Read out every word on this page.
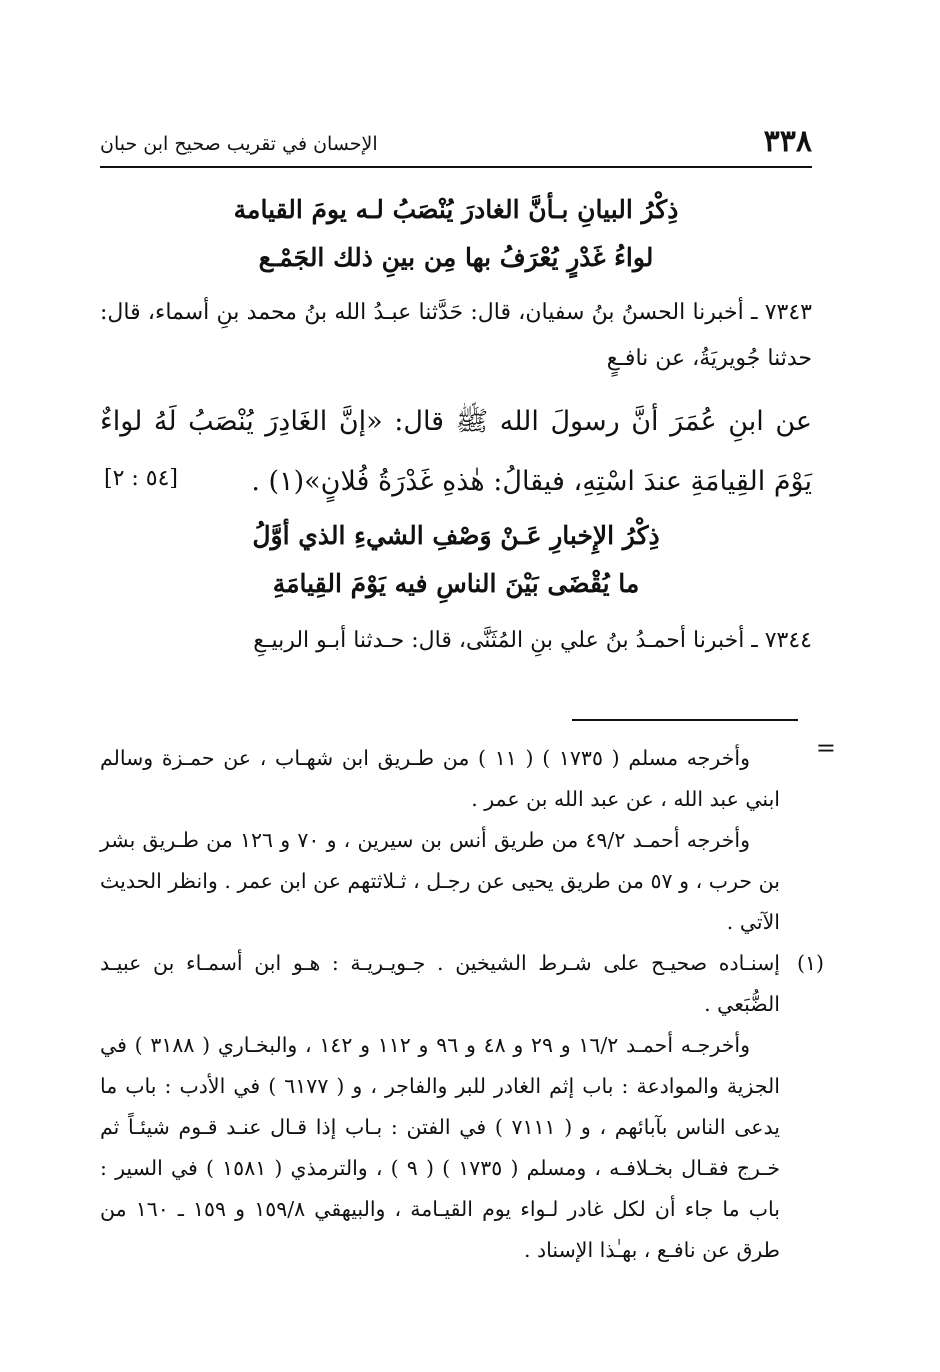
٣٣٨
الإحسان في تقريب صحيح ابن حبان
ذِكْرُ البيانِ بـأنَّ الغادرَ يُنْصَبُ لـه يومَ القيامة
لواءُ غَدْرٍ يُعْرَفُ بها مِن بينِ ذلك الجَمْـع
٧٣٤٣ ـ أخبرنا الحسنُ بنُ سفيان، قال: حَدَّثنا عبـدُ الله بنُ محمد بنِ أسماء، قال: حدثنا جُويريَةُ، عن نافـعٍ
عن ابنِ عُمَرَ أنَّ رسولَ الله ﷺ قال: «إنَّ الغَادِرَ يُنْصَبُ لَهُ لواءٌ يَوْمَ القِيامَةِ عندَ اسْتِهِ، فيقالُ: هٰذهِ غَدْرَةُ فُلانٍ»(١) .
[٢ : ٥٤]
ذِكْرُ الإِخبارِ عَـنْ وَصْفِ الشيءِ الذي أوَّلُ
ما يُقْضَى بَيْنَ الناسِ فيه يَوْمَ القِيامَةِ
٧٣٤٤ ـ أخبرنا أحمـدُ بنُ علي بنِ المُثَنَّى، قال: حـدثنا أبـو الربيـعِ
=

وأخرجه مسلم ( ١٧٣٥ ) ( ١١ ) من طـريق ابن شهـاب ، عن حمـزة وسالم ابني عبد الله ، عن عبد الله بن عمر .

وأخرجه أحمـد ٤٩/٢ من طريق أنس بن سيرين ، و ٧٠ و ١٢٦ من طـريق بشر بن حرب ، و ٥٧ من طريق يحيى عن رجـل ، ثـلاثتهم عن ابن عمر . وانظر الحديث الآتي .

(١)
إسنـاده صحيـح على شـرط الشيخين . جـويـريـة : هـو ابن أسمـاء بن عبيـد الضُّبَعي .

وأخرجـه أحمـد ١٦/٢ و ٢٩ و ٤٨ و ٩٦ و ١١٢ و ١٤٢ ، والبخـاري ( ٣١٨٨ ) في الجزية والموادعة : باب إثم الغادر للبر والفاجر ، و ( ٦١٧٧ ) في الأدب : باب ما يدعى الناس بآبائهم ، و ( ٧١١١ ) في الفتن : بـاب إذا قـال عنـد قـوم شيئـاً ثم خـرج فقـال بخـلافـه ، ومسلم ( ١٧٣٥ ) ( ٩ ) ، والترمذي ( ١٥٨١ ) في السير : باب ما جاء أن لكل غادر لـواء يوم القيـامة ، والبيهقي ١٥٩/٨ و ١٥٩ ـ ١٦٠ من طرق عن نافـع ، بهـٰذا الإسناد .
